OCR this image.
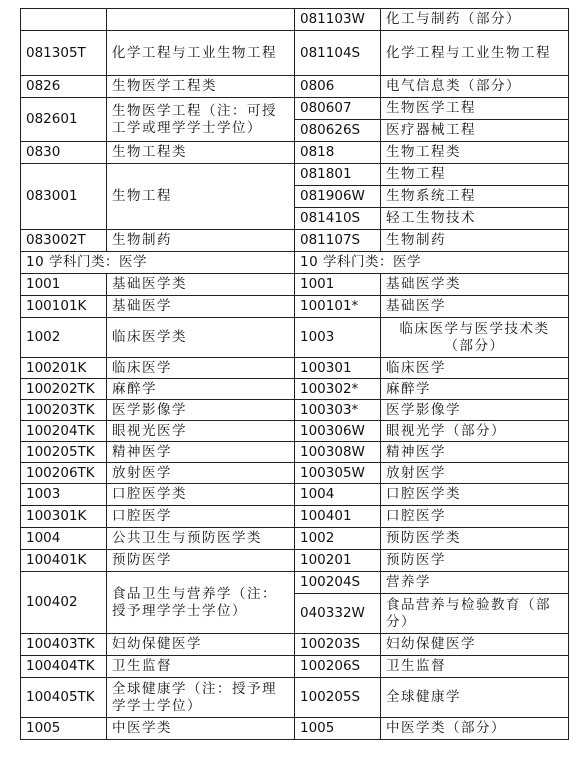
		081103W	化工与制药（部分）
081305T	化学工程与工业生物工程	081104S	化学工程与工业生物工程

0826	生物医学工程类	0806	电气信息类（部分）
082601	生物医学工程（注：可授工学或理学学士学位）	080607	生物医学工程
		080626S	医疗器械工程
0830	生物工程类	0818	生物工程类
083001	生物工程	081801	生物工程
		081906W	生物系统工程
		081410S	轻工生物技术
083002T	生物制药	081107S	生物制药
10 学科门类：医学		10 学科门类：医学	
1001	基础医学类	1001	基础医学类
100101K	基础医学	100101*	基础医学
1002	临床医学类	1003	临床医学与医学技术类（部分）
100201K	临床医学	100301	临床医学
100202TK	麻醉学	100302*	麻醉学
100203TK	医学影像学	100303*	医学影像学
100204TK	眼视光医学	100306W	眼视光学（部分）
100205TK	精神医学	100308W	精神医学
100206TK	放射医学	100305W	放射医学
1003	口腔医学类	1004	口腔医学类
100301K	口腔医学	100401	口腔医学
1004	公共卫生与预防医学类	1002	预防医学类
100401K	预防医学	100201	预防医学
100402	食品卫生与营养学（注：授予理学学士学位）	100204S	营养学
		040332W	食品营养与检验教育（部分）
100403TK	妇幼保健医学	100203S	妇幼保健医学
100404TK	卫生监督	100206S	卫生监督
100405TK	全球健康学（注：授予理学学士学位）	100205S	全球健康学
1005	中医学类	1005	中医学类（部分）
